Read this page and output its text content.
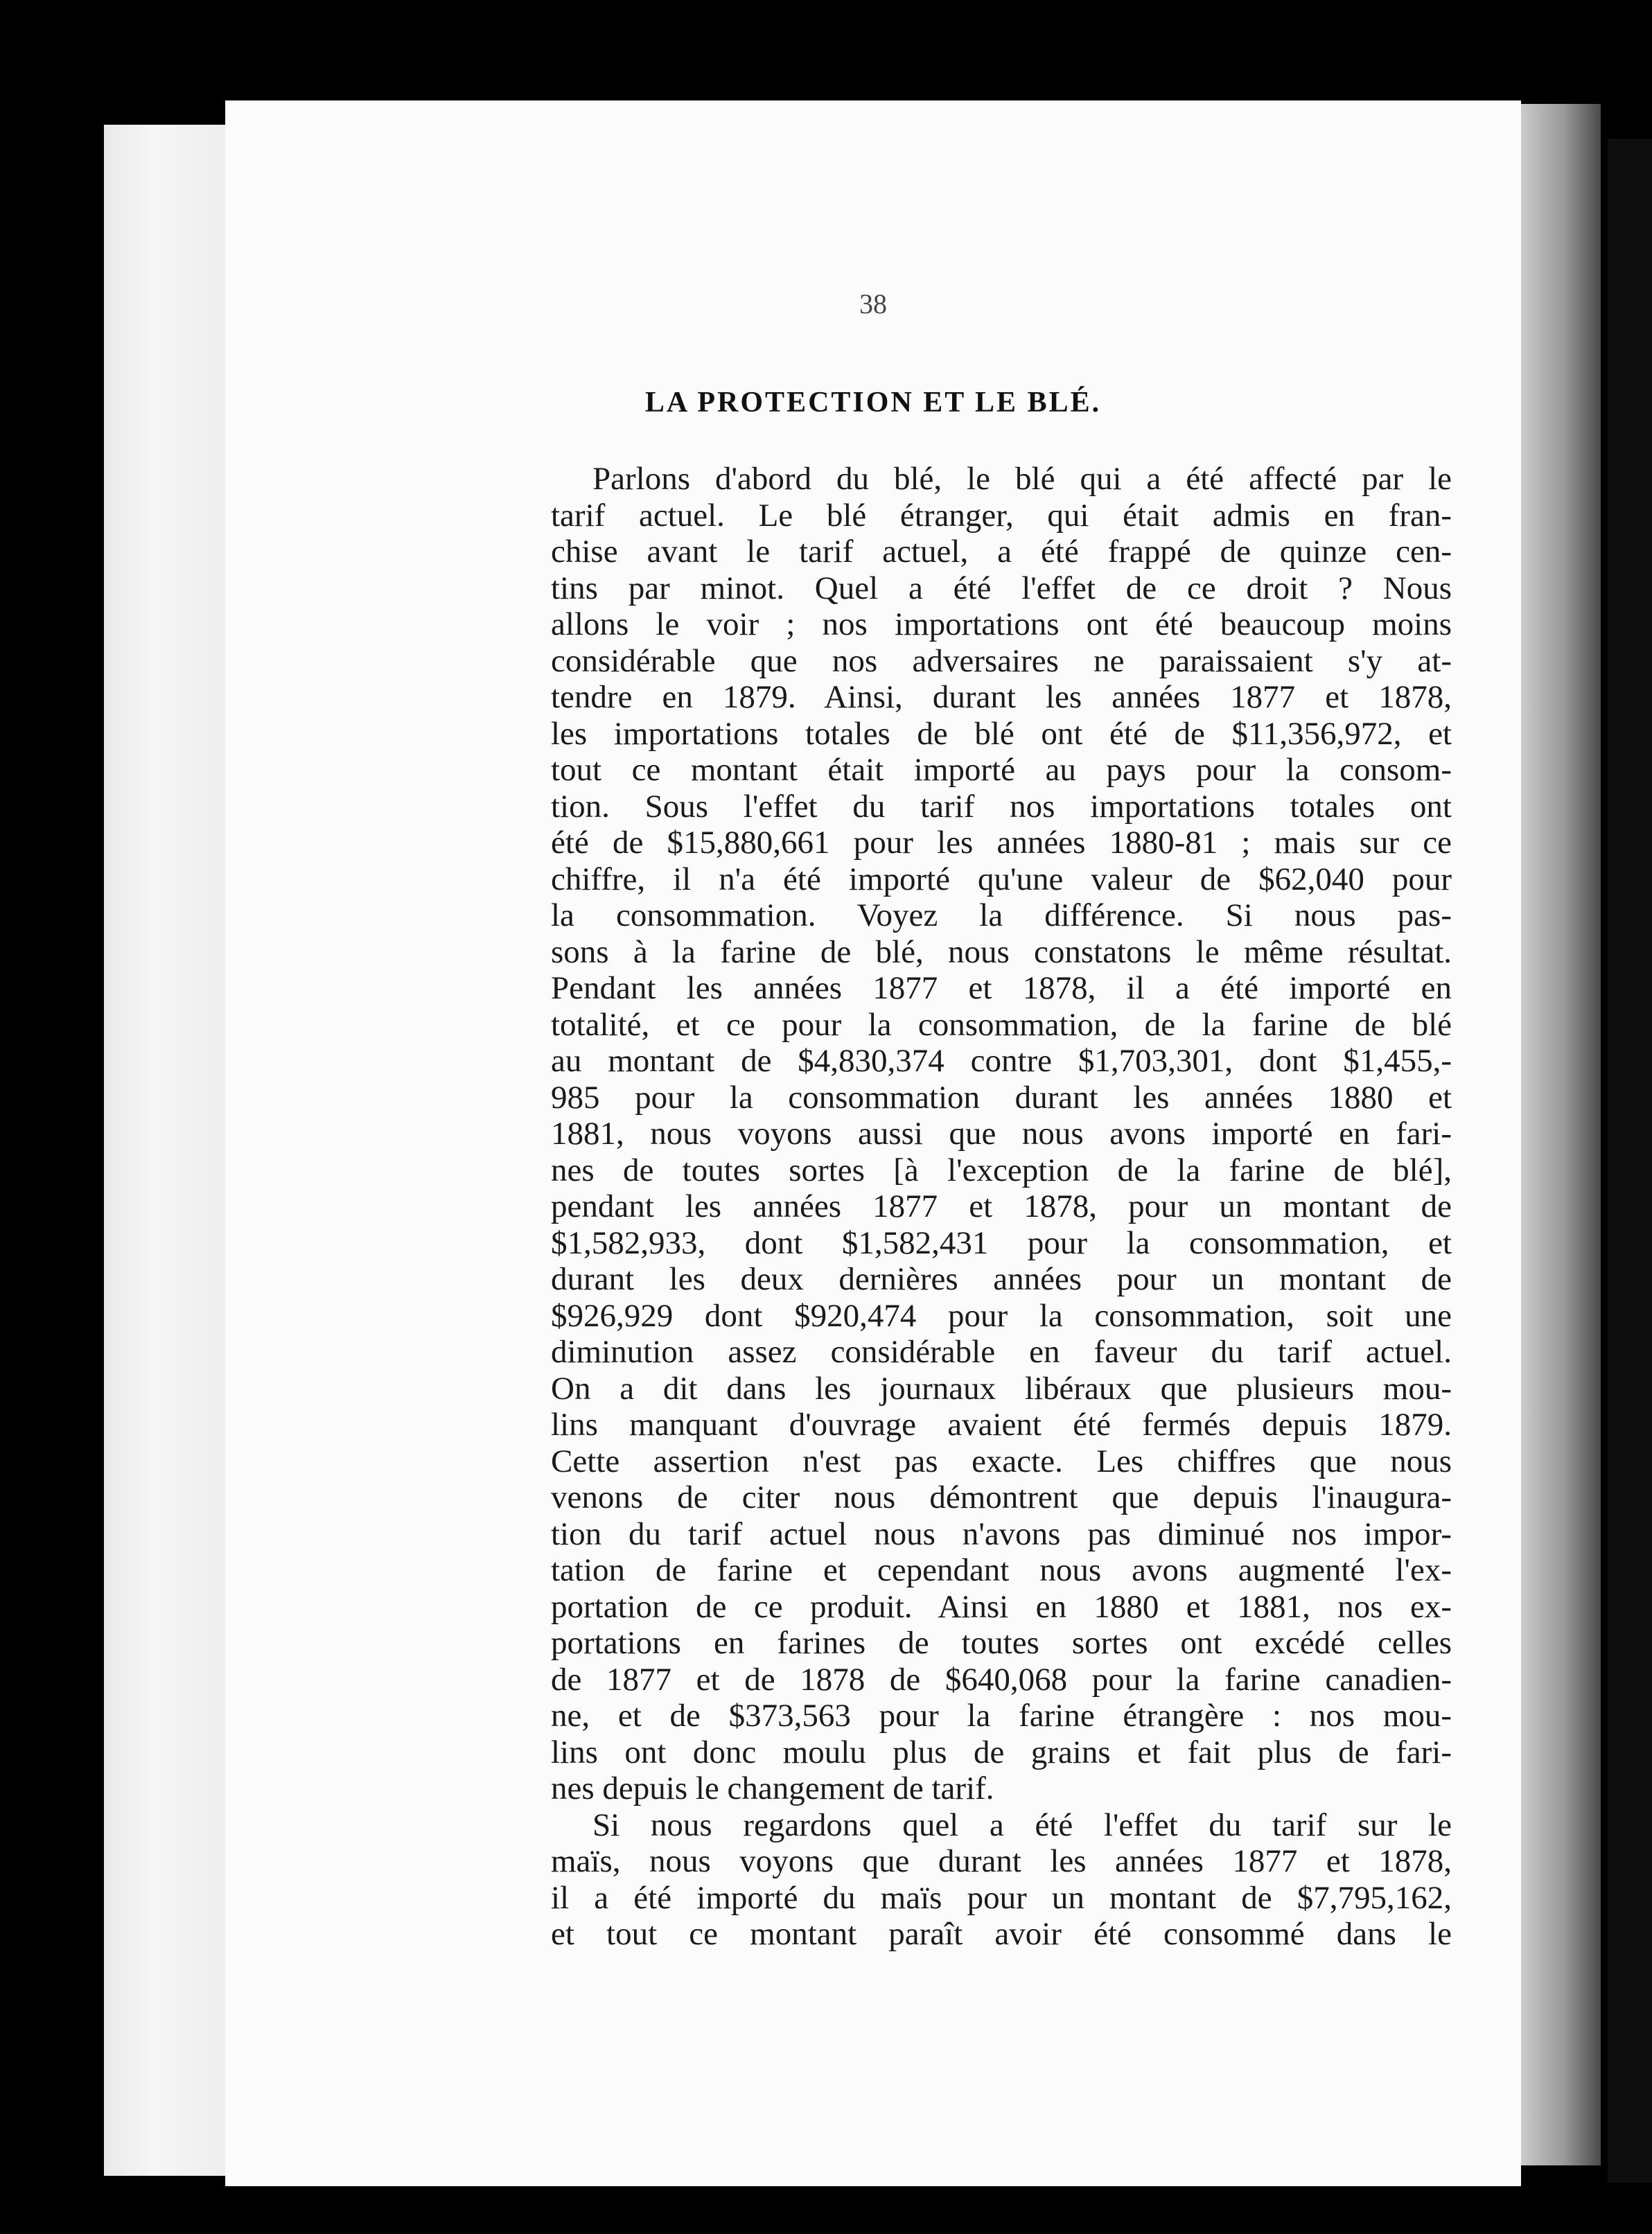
38
LA PROTECTION ET LE BLÉ.
Parlons d'abord du blé, le blé qui a été affecté par le
tarif actuel. Le blé étranger, qui était admis en fran-
chise avant le tarif actuel, a été frappé de quinze cen-
tins par minot. Quel a été l'effet de ce droit ? Nous
allons le voir ; nos importations ont été beaucoup moins
considérable que nos adversaires ne paraissaient s'y at-
tendre en 1879. Ainsi, durant les années 1877 et 1878,
les importations totales de blé ont été de $11,356,972, et
tout ce montant était importé au pays pour la consom-
tion. Sous l'effet du tarif nos importations totales ont
été de $15,880,661 pour les années 1880-81 ; mais sur ce
chiffre, il n'a été importé qu'une valeur de $62,040 pour
la consommation. Voyez la différence. Si nous pas-
sons à la farine de blé, nous constatons le même résultat.
Pendant les années 1877 et 1878, il a été importé en
totalité, et ce pour la consommation, de la farine de blé
au montant de $4,830,374 contre $1,703,301, dont $1,455,-
985 pour la consommation durant les années 1880 et
1881, nous voyons aussi que nous avons importé en fari-
nes de toutes sortes [à l'exception de la farine de blé],
pendant les années 1877 et 1878, pour un montant de
$1,582,933, dont $1,582,431 pour la consommation, et
durant les deux dernières années pour un montant de
$926,929 dont $920,474 pour la consommation, soit une
diminution assez considérable en faveur du tarif actuel.
On a dit dans les journaux libéraux que plusieurs mou-
lins manquant d'ouvrage avaient été fermés depuis 1879.
Cette assertion n'est pas exacte. Les chiffres que nous
venons de citer nous démontrent que depuis l'inaugura-
tion du tarif actuel nous n'avons pas diminué nos impor-
tation de farine et cependant nous avons augmenté l'ex-
portation de ce produit. Ainsi en 1880 et 1881, nos ex-
portations en farines de toutes sortes ont excédé celles
de 1877 et de 1878 de $640,068 pour la farine canadien-
ne, et de $373,563 pour la farine étrangère : nos mou-
lins ont donc moulu plus de grains et fait plus de fari-
nes depuis le changement de tarif.
Si nous regardons quel a été l'effet du tarif sur le
maïs, nous voyons que durant les années 1877 et 1878,
il a été importé du maïs pour un montant de $7,795,162,
et tout ce montant paraît avoir été consommé dans le
